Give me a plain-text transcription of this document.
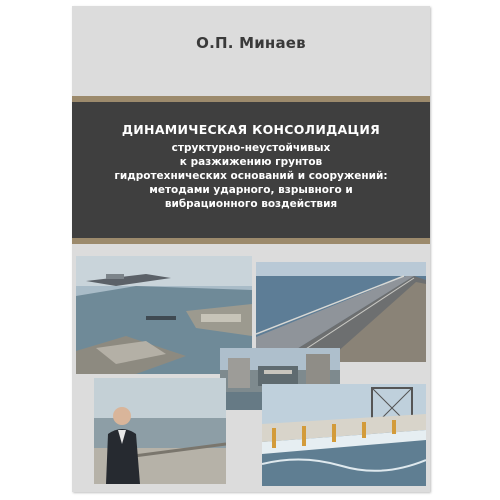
О.П. Минаев
ДИНАМИЧЕСКАЯ КОНСОЛИДАЦИЯ
структурно-неустойчивых
к разжижению грунтов
гидротехнических оснований и сооружений:
методами ударного, взрывного и
вибрационного воздействия
